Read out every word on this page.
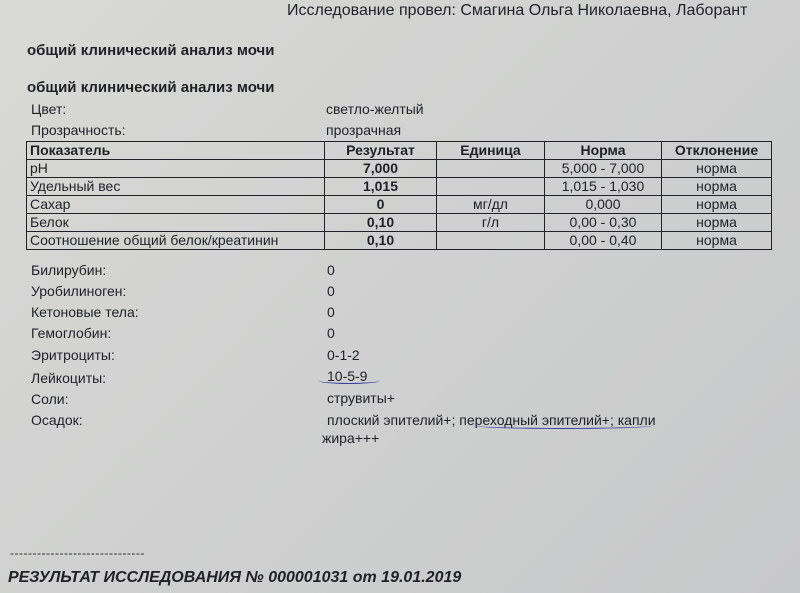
Исследование провел: Смагина Ольга Николаевна, Лаборант
общий клинический анализ мочи
общий клинический анализ мочи
Цвет:	светло-желтый
Прозрачность:	прозрачная
Показатель	Результат	Единица	Норма	Отклонение
pH	7,000		5,000 - 7,000	норма
Удельный вес	1,015		1,015 - 1,030	норма
Сахар	0	мг/дл	0,000	норма
Белок	0,10	г/л	0,00 - 0,30	норма
Соотношение общий белок/креатинин	0,10		0,00 - 0,40	норма
Билирубин:	0
Уробилиноген:	0
Кетоновые тела:	0
Гемоглобин:	0
Эритроциты:	0-1-2
Лейкоциты:	10-5-9
Соли:	струвиты+
Осадок:	плоский эпителий+; переходный эпителий+; капли
жира+++
------------------------------
РЕЗУЛЬТАТ ИССЛЕДОВАНИЯ № 000001031 от 19.01.2019
